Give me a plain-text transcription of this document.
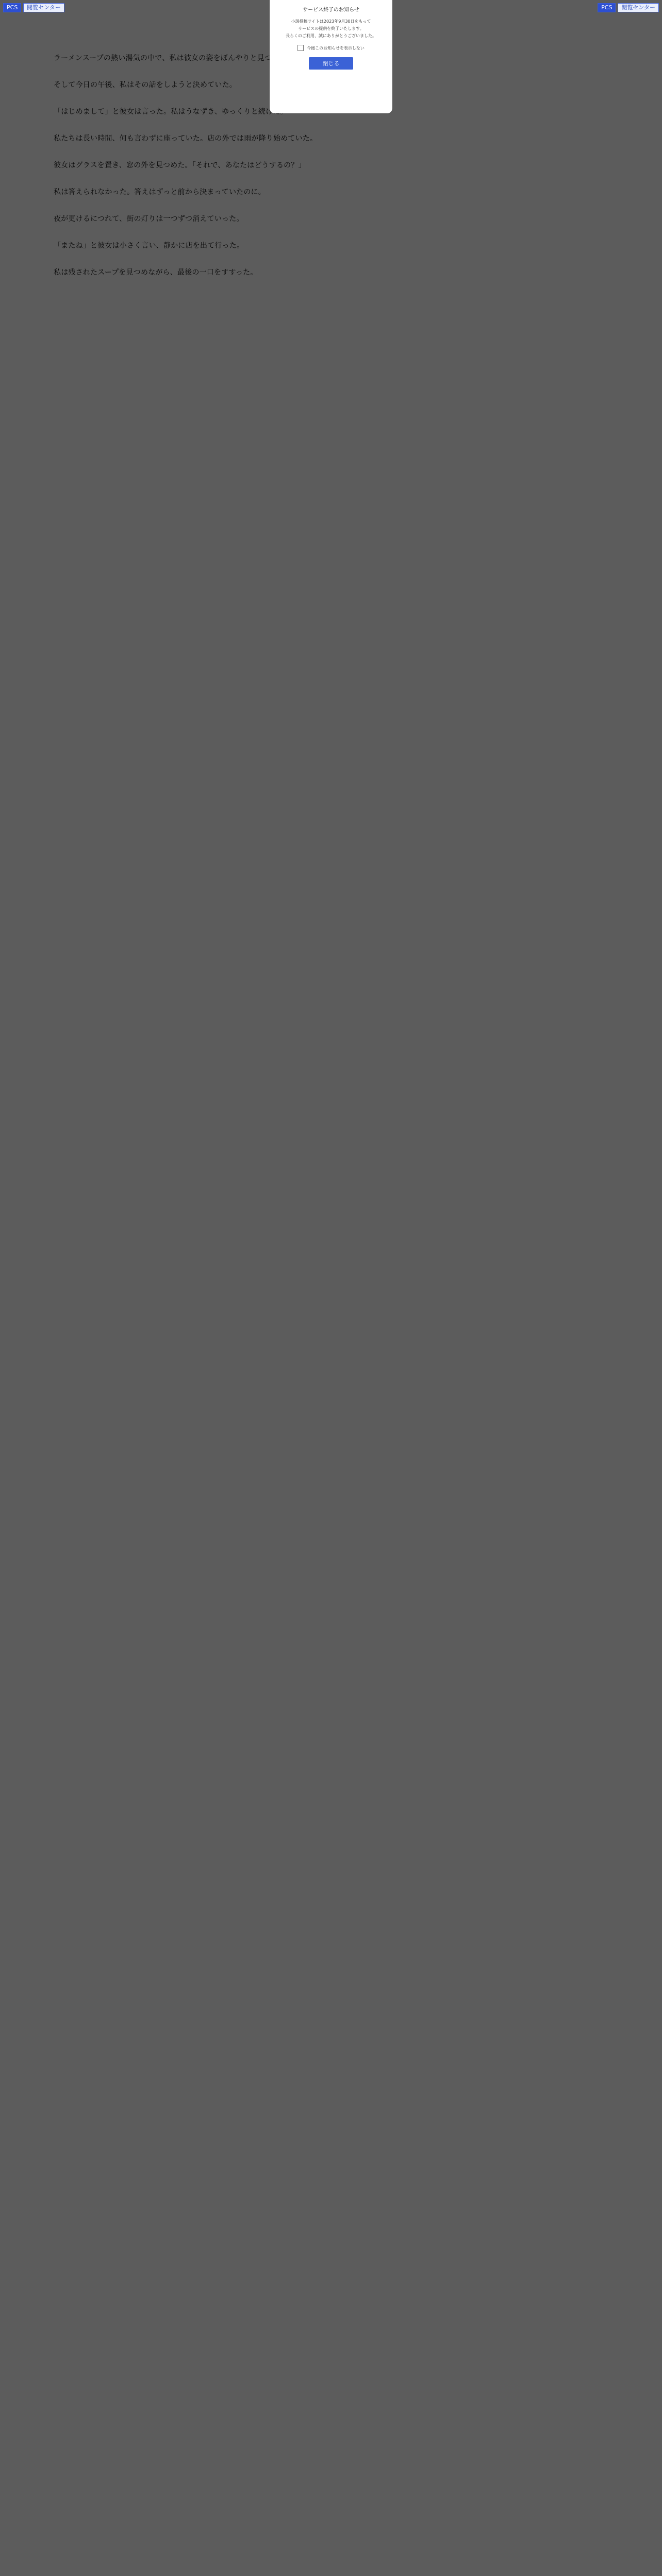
PCS	閲覧センター	PCS	閲覧センター

サービス終了のお知らせ
小説投稿サイトは2023年9月30日をもって
サービスの提供を終了いたします。
長らくのご利用、誠にありがとうございました。
今後このお知らせを表示しない
閉じる
